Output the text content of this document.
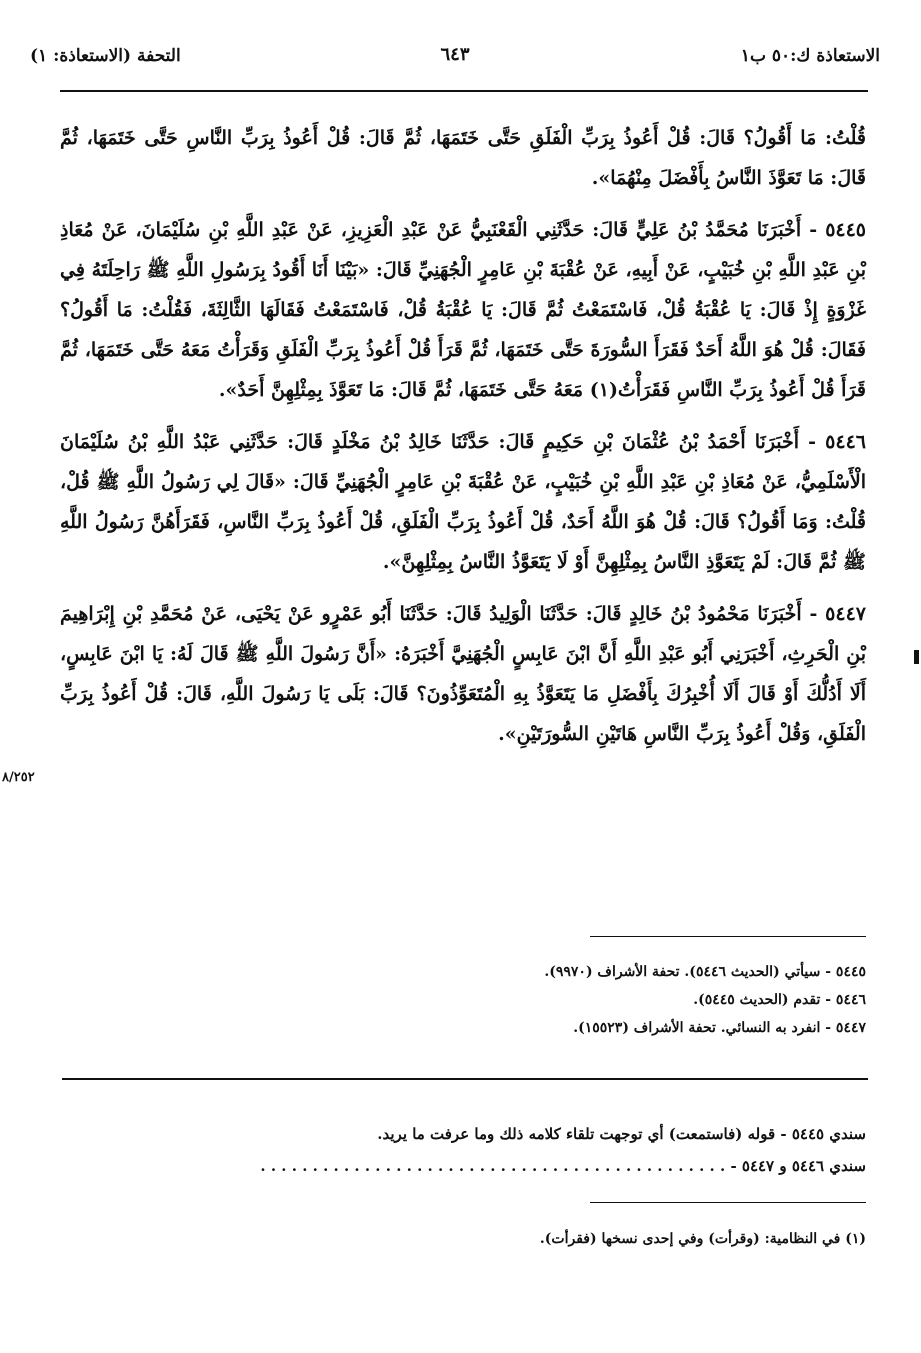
الاستعاذة ك:٥٠ ب١
٦٤٣
التحفة (الاستعاذة: ١)

قُلْتُ: مَا أَقُولُ؟ قَالَ: قُلْ أَعُوذُ بِرَبِّ الْفَلَقِ حَتَّى خَتَمَهَا، ثُمَّ قَالَ: قُلْ أَعُوذُ بِرَبِّ النَّاسِ حَتَّى خَتَمَهَا، ثُمَّ قَالَ: مَا تَعَوَّذَ النَّاسُ بِأَفْضَلَ مِنْهُمَا».

٥٤٤٥ - أَخْبَرَنَا مُحَمَّدُ بْنُ عَلِيٍّ قَالَ: حَدَّثَنِي الْقَعْنَبِيُّ عَنْ عَبْدِ الْعَزِيزِ، عَنْ عَبْدِ اللَّهِ بْنِ سُلَيْمَانَ، عَنْ مُعَاذِ بْنِ عَبْدِ اللَّهِ بْنِ خُبَيْبٍ، عَنْ أَبِيهِ، عَنْ عُقْبَةَ بْنِ عَامِرٍ الْجُهَنِيِّ قَالَ: «بَيْنَا أَنَا أَقُودُ بِرَسُولِ اللَّهِ ﷺ رَاحِلَتَهُ فِي غَزْوَةٍ إِذْ قَالَ: يَا عُقْبَةُ قُلْ، فَاسْتَمَعْتُ ثُمَّ قَالَ: يَا عُقْبَةُ قُلْ، فَاسْتَمَعْتُ فَقَالَهَا الثَّالِثَةَ، فَقُلْتُ: مَا أَقُولُ؟ فَقَالَ: قُلْ هُوَ اللَّهُ أَحَدٌ فَقَرَأَ السُّورَةَ حَتَّى خَتَمَهَا، ثُمَّ قَرَأَ قُلْ أَعُوذُ بِرَبِّ الْفَلَقِ وَقَرَأْتُ مَعَهُ حَتَّى خَتَمَهَا، ثُمَّ قَرَأَ قُلْ أَعُوذُ بِرَبِّ النَّاسِ فَقَرَأْتُ(١) مَعَهُ حَتَّى خَتَمَهَا، ثُمَّ قَالَ: مَا تَعَوَّذَ بِمِثْلِهِنَّ أَحَدٌ».

٥٤٤٦ - أَخْبَرَنَا أَحْمَدُ بْنُ عُثْمَانَ بْنِ حَكِيمٍ قَالَ: حَدَّثَنَا خَالِدُ بْنُ مَخْلَدٍ قَالَ: حَدَّثَنِي عَبْدُ اللَّهِ بْنُ سُلَيْمَانَ الْأَسْلَمِيُّ، عَنْ مُعَاذِ بْنِ عَبْدِ اللَّهِ بْنِ خُبَيْبٍ، عَنْ عُقْبَةَ بْنِ عَامِرٍ الْجُهَنِيِّ قَالَ: «قَالَ لِي رَسُولُ اللَّهِ ﷺ قُلْ، قُلْتُ: وَمَا أَقُولُ؟ قَالَ: قُلْ هُوَ اللَّهُ أَحَدٌ، قُلْ أَعُوذُ بِرَبِّ الْفَلَقِ، قُلْ أَعُوذُ بِرَبِّ النَّاسِ، فَقَرَأَهُنَّ رَسُولُ اللَّهِ ﷺ ثُمَّ قَالَ: لَمْ يَتَعَوَّذِ النَّاسُ بِمِثْلِهِنَّ أَوْ لَا يَتَعَوَّذُ النَّاسُ بِمِثْلِهِنَّ».

٥٤٤٧ - أَخْبَرَنَا مَحْمُودُ بْنُ خَالِدٍ قَالَ: حَدَّثَنَا الْوَلِيدُ قَالَ: حَدَّثَنَا أَبُو عَمْرٍو عَنْ يَحْيَى، عَنْ مُحَمَّدِ بْنِ إِبْرَاهِيمَ بْنِ الْحَرِثِ، أَخْبَرَنِي أَبُو عَبْدِ اللَّهِ أَنَّ ابْنَ عَابِسٍ الْجُهَنِيَّ أَخْبَرَهُ: «أَنَّ رَسُولَ اللَّهِ ﷺ قَالَ لَهُ: يَا ابْنَ عَابِسٍ، أَلَا أَدُلُّكَ أَوْ قَالَ أَلَا أُخْبِرُكَ بِأَفْضَلِ مَا يَتَعَوَّذُ بِهِ الْمُتَعَوِّذُونَ؟ قَالَ: بَلَى يَا رَسُولَ اللَّهِ، قَالَ: قُلْ أَعُوذُ بِرَبِّ الْفَلَقِ، وَقُلْ أَعُوذُ بِرَبِّ النَّاسِ هَاتَيْنِ السُّورَتَيْنِ».

٨/٢٥٢
٥٤٤٥ - سيأتي (الحديث ٥٤٤٦). تحفة الأشراف (٩٩٧٠).
٥٤٤٦ - تقدم (الحديث ٥٤٤٥).
٥٤٤٧ - انفرد به النسائي. تحفة الأشراف (١٥٥٢٣).
سندي ٥٤٤٥ - قوله (فاستمعت) أي توجهت تلقاء كلامه ذلك وما عرفت ما يريد.
سندي ٥٤٤٦ و ٥٤٤٧ - . . . . . . . . . . . . . . . . . . . . . . . . . . . . . . . . . . . . . . . . . . . . .
(١) في النظامية: (وقرأت) وفي إحدى نسخها (فقرأت).
